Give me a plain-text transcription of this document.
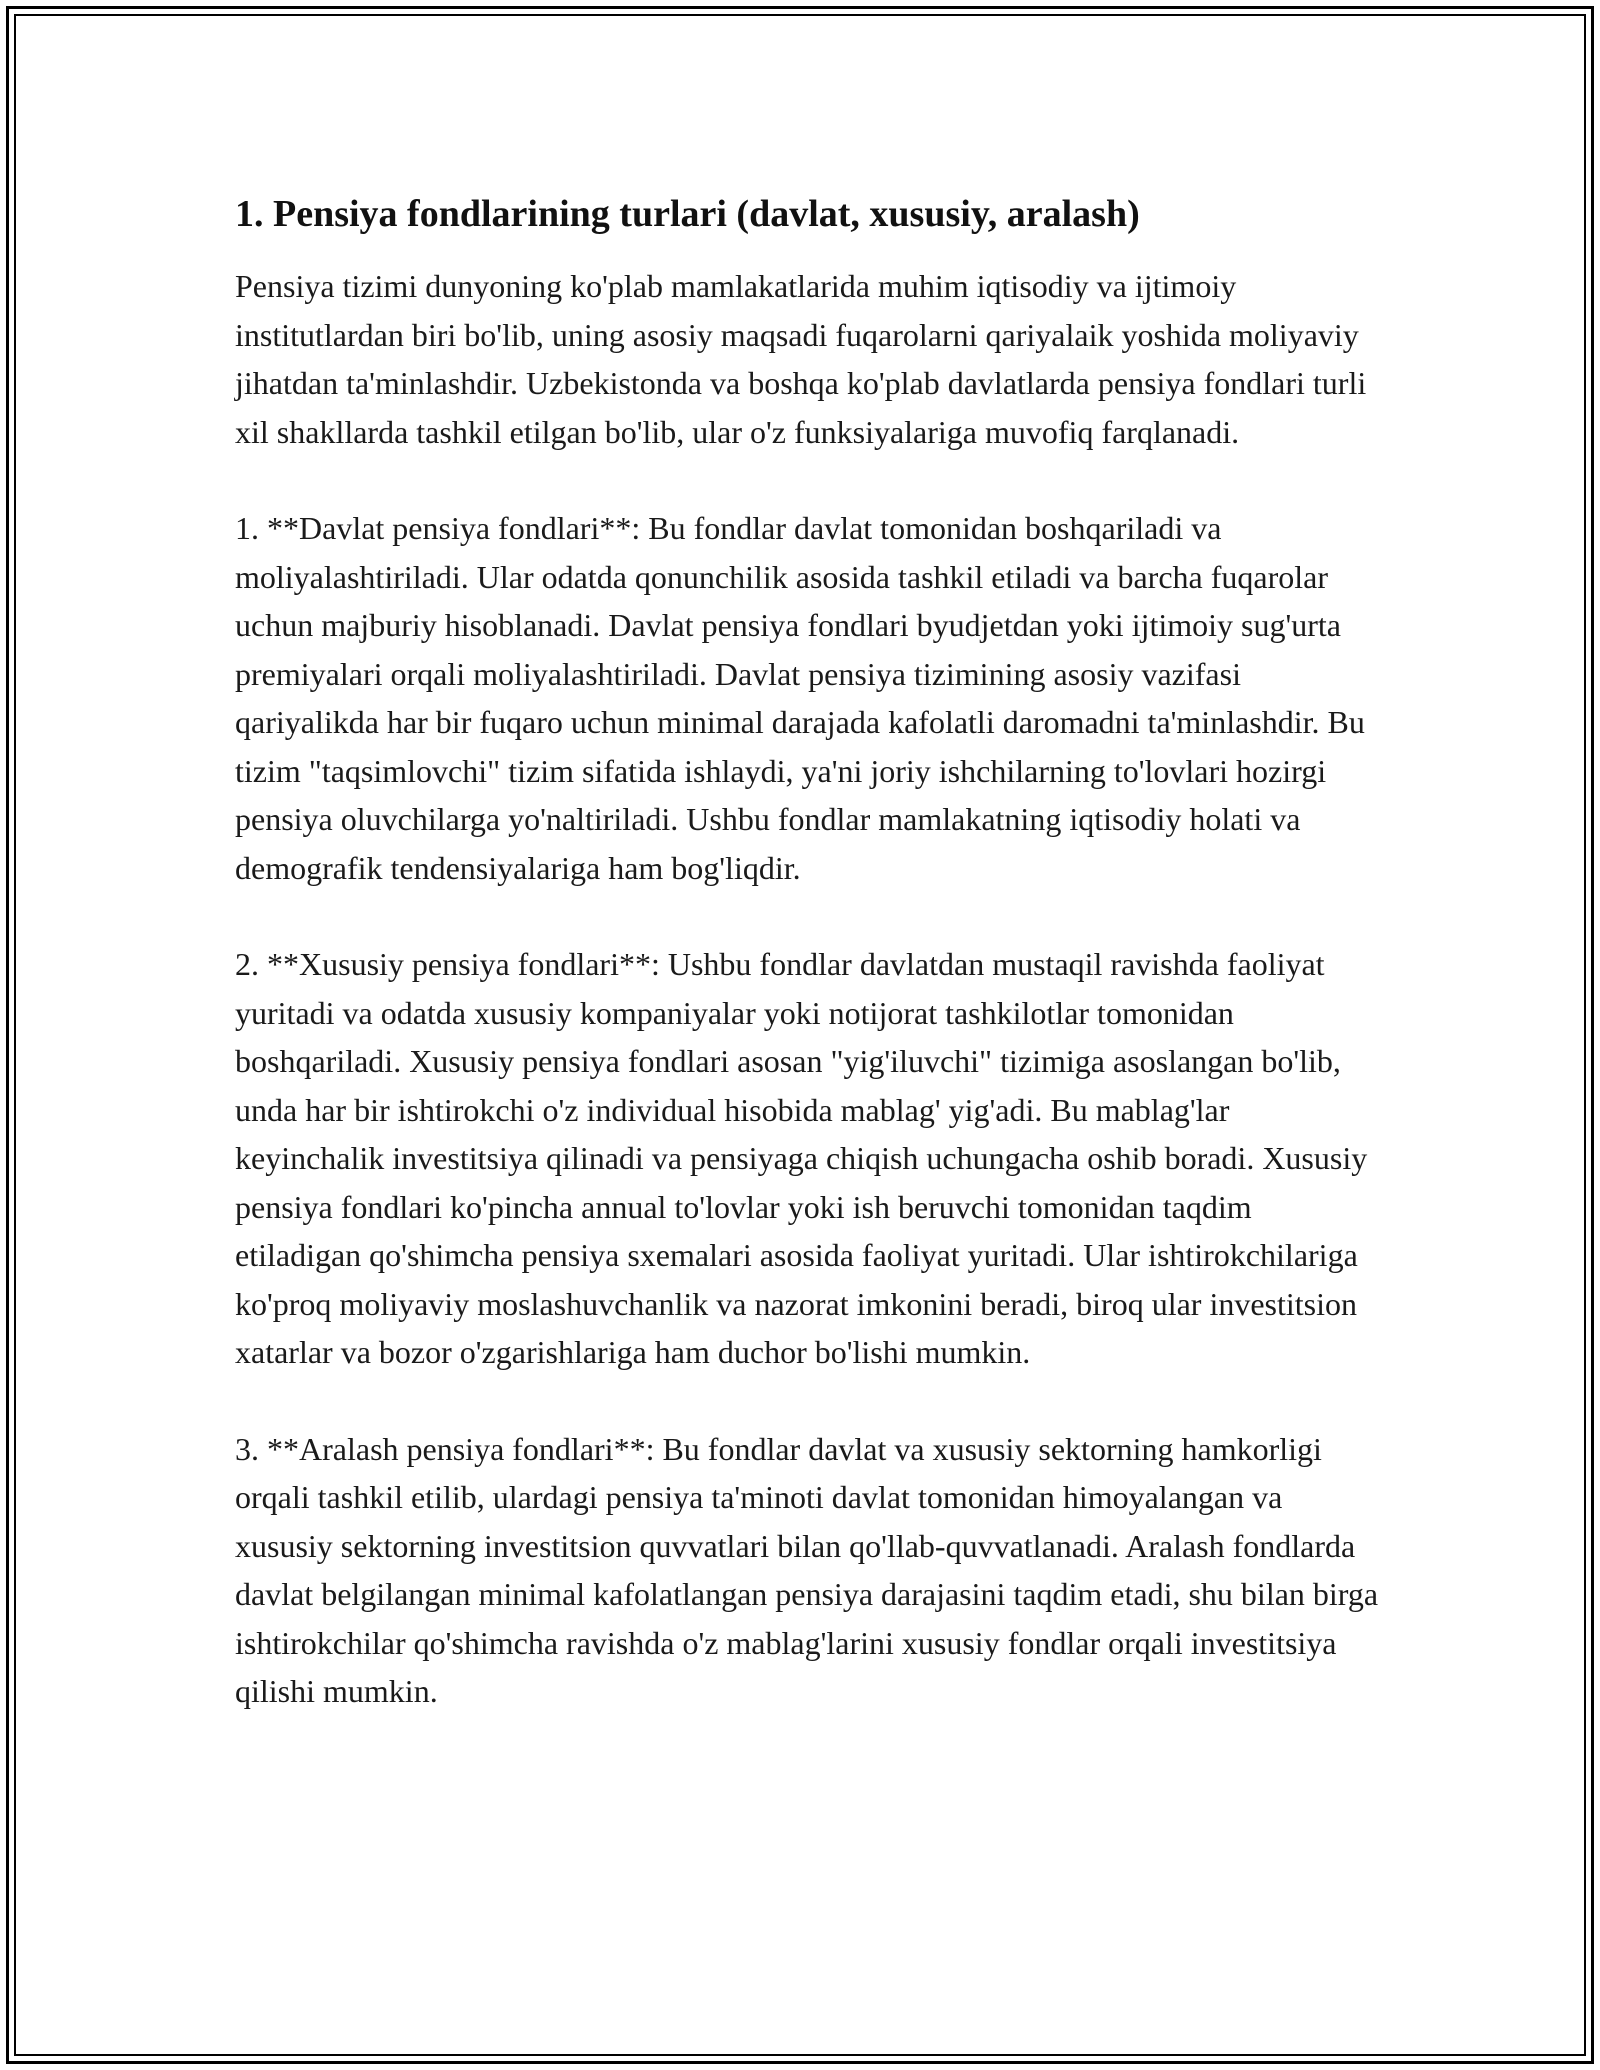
1. Pensiya fondlarining turlari (davlat, xususiy, aralash)

Pensiya tizimi dunyoning ko'plab mamlakatlarida muhim iqtisodiy va ijtimoiy institutlardan biri bo'lib, uning asosiy maqsadi fuqarolarni qariyalaik yoshida moliyaviy jihatdan ta'minlashdir. Uzbekistonda va boshqa ko'plab davlatlarda pensiya fondlari turli xil shakllarda tashkil etilgan bo'lib, ular o'z funksiyalariga muvofiq farqlanadi.

1. **Davlat pensiya fondlari**: Bu fondlar davlat tomonidan boshqariladi va moliyalashtiriladi. Ular odatda qonunchilik asosida tashkil etiladi va barcha fuqarolar uchun majburiy hisoblanadi. Davlat pensiya fondlari byudjetdan yoki ijtimoiy sug'urta premiyalari orqali moliyalashtiriladi. Davlat pensiya tizimining asosiy vazifasi qariyalikda har bir fuqaro uchun minimal darajada kafolatli daromadni ta'minlashdir. Bu tizim "taqsimlovchi" tizim sifatida ishlaydi, ya'ni joriy ishchilarning to'lovlari hozirgi pensiya oluvchilarga yo'naltiriladi. Ushbu fondlar mamlakatning iqtisodiy holati va demografik tendensiyalariga ham bog'liqdir.

2. **Xususiy pensiya fondlari**: Ushbu fondlar davlatdan mustaqil ravishda faoliyat yuritadi va odatda xususiy kompaniyalar yoki notijorat tashkilotlar tomonidan boshqariladi. Xususiy pensiya fondlari asosan "yig'iluvchi" tizimiga asoslangan bo'lib, unda har bir ishtirokchi o'z individual hisobida mablag' yig'adi. Bu mablag'lar keyinchalik investitsiya qilinadi va pensiyaga chiqish uchungacha oshib boradi. Xususiy pensiya fondlari ko'pincha annual to'lovlar yoki ish beruvchi tomonidan taqdim etiladigan qo'shimcha pensiya sxemalari asosida faoliyat yuritadi. Ular ishtirokchilariga ko'proq moliyaviy moslashuvchanlik va nazorat imkonini beradi, biroq ular investitsion xatarlar va bozor o'zgarishlariga ham duchor bo'lishi mumkin.

3. **Aralash pensiya fondlari**: Bu fondlar davlat va xususiy sektorning hamkorligi orqali tashkil etilib, ulardagi pensiya ta'minoti davlat tomonidan himoyalangan va xususiy sektorning investitsion quvvatlari bilan qo'llab-quvvatlanadi. Aralash fondlarda davlat belgilangan minimal kafolatlangan pensiya darajasini taqdim etadi, shu bilan birga ishtirokchilar qo'shimcha ravishda o'z mablag'larini xususiy fondlar orqali investitsiya qilishi mumkin.
